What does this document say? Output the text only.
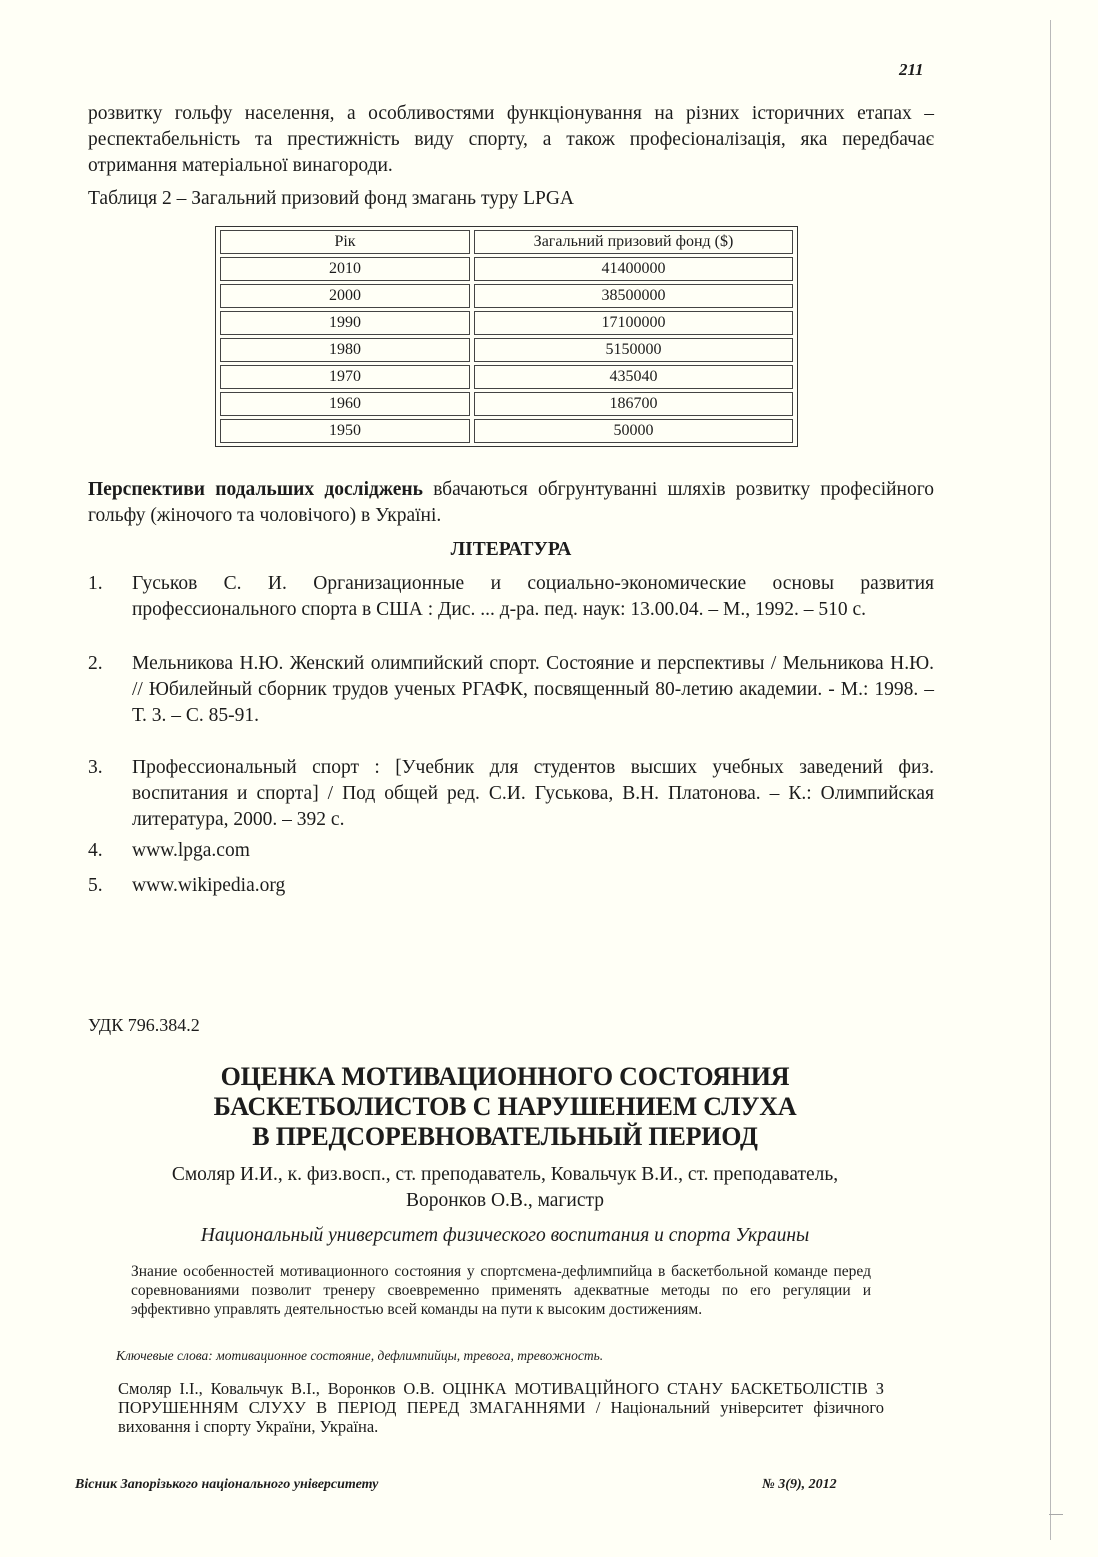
211
розвитку гольфу населення, а особливостями функціонування на різних історичних етапах – респектабельність та престижність виду спорту, а також професіоналізація, яка передбачає отримання матеріальної винагороди.
Таблиця 2 – Загальний призовий фонд змагань туру LPGA
Рік	Загальний призовий фонд ($)
2010	41400000
2000	38500000
1990	17100000
1980	5150000
1970	435040
1960	186700
1950	50000
Перспективи подальших досліджень вбачаються обгрунтуванні шляхів розвитку професійного гольфу (жіночого та чоловічого) в Україні.
ЛІТЕРАТУРА
1. Гуськов С. И. Организационные и социально-экономические основы развития профессионального спорта в США : Дис. ... д-ра. пед. наук: 13.00.04. – М., 1992. – 510 с.
2. Мельникова Н.Ю. Женский олимпийский спорт. Состояние и перспективы / Мельникова Н.Ю. // Юбилейный сборник трудов ученых РГАФК, посвященный 80-летию академии. - М.: 1998. – Т. 3. – С. 85-91.
3. Профессиональный спорт : [Учебник для студентов высших учебных заведений физ. воспитания и спорта] / Под общей ред. С.И. Гуськова, В.Н. Платонова. – К.: Олимпийская литература, 2000. – 392 с.
4. www.lpga.com
5. www.wikipedia.org
УДК 796.384.2
ОЦЕНКА МОТИВАЦИОННОГО СОСТОЯНИЯ
БАСКЕТБОЛИСТОВ С НАРУШЕНИЕМ СЛУХА
В ПРЕДСОРЕВНОВАТЕЛЬНЫЙ ПЕРИОД
Смоляр И.И., к. физ.восп., ст. преподаватель, Ковальчук В.И., ст. преподаватель,
Воронков О.В., магистр
Национальный университет физического воспитания и спорта Украины
Знание особенностей мотивационного состояния у спортсмена-дефлимпийца в баскетбольной команде перед соревнованиями позволит тренеру своевременно применять адекватные методы по его регуляции и эффективно управлять деятельностью всей команды на пути к высоким достижениям.
Ключевые слова: мотивационное состояние, дефлимпийцы, тревога, тревожность.
Смоляр І.І., Ковальчук В.І., Воронков О.В. ОЦІНКА МОТИВАЦІЙНОГО СТАНУ БАСКЕТБОЛІСТІВ З ПОРУШЕННЯМ СЛУХУ В ПЕРІОД ПЕРЕД ЗМАГАННЯМИ / Національний університет фізичного виховання і спорту України, Україна.
Вісник Запорізького національного університету	№ 3(9), 2012
